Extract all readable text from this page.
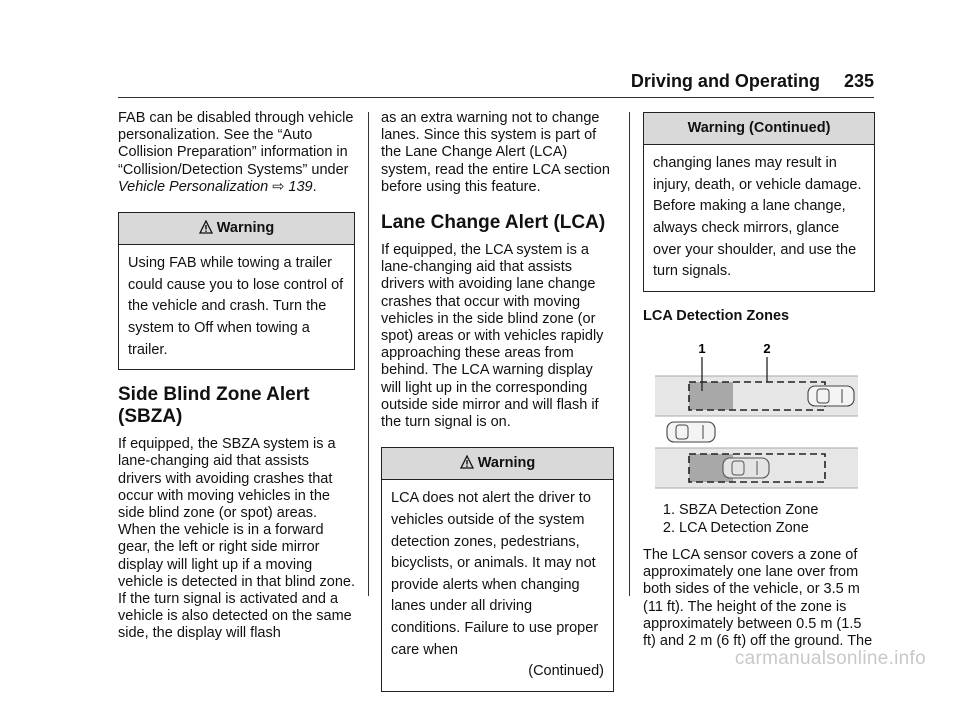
Driving and Operating 235

FAB can be disabled through vehicle personalization. See the “Auto Collision Preparation” information in “Collision/Detection Systems” under Vehicle Personalization ⇨ 139.

Warning
Using FAB while towing a trailer could cause you to lose control of the vehicle and crash. Turn the system to Off when towing a trailer.
Side Blind Zone Alert (SBZA)

If equipped, the SBZA system is a lane-changing aid that assists drivers with avoiding crashes that occur with moving vehicles in the side blind zone (or spot) areas. When the vehicle is in a forward gear, the left or right side mirror display will light up if a moving vehicle is detected in that blind zone. If the turn signal is activated and a vehicle is also detected on the same side, the display will flash

as an extra warning not to change lanes. Since this system is part of the Lane Change Alert (LCA) system, read the entire LCA section before using this feature.

Lane Change Alert (LCA)

If equipped, the LCA system is a lane-changing aid that assists drivers with avoiding lane change crashes that occur with moving vehicles in the side blind zone (or spot) areas or with vehicles rapidly approaching these areas from behind. The LCA warning display will light up in the corresponding outside side mirror and will flash if the turn signal is on.

Warning
LCA does not alert the driver to vehicles outside of the system detection zones, pedestrians, bicyclists, or animals. It may not provide alerts when changing lanes under all driving conditions. Failure to use proper care when
(Continued)
Warning (Continued)
changing lanes may result in injury, death, or vehicle damage. Before making a lane change, always check mirrors, glance over your shoulder, and use the turn signals.

LCA Detection Zones

1	2
1. SBZA Detection Zone
2. LCA Detection Zone

The LCA sensor covers a zone of approximately one lane over from both sides of the vehicle, or 3.5 m (11 ft). The height of the zone is approximately between 0.5 m (1.5 ft) and 2 m (6 ft) off the ground. The

carmanualsonline.info
